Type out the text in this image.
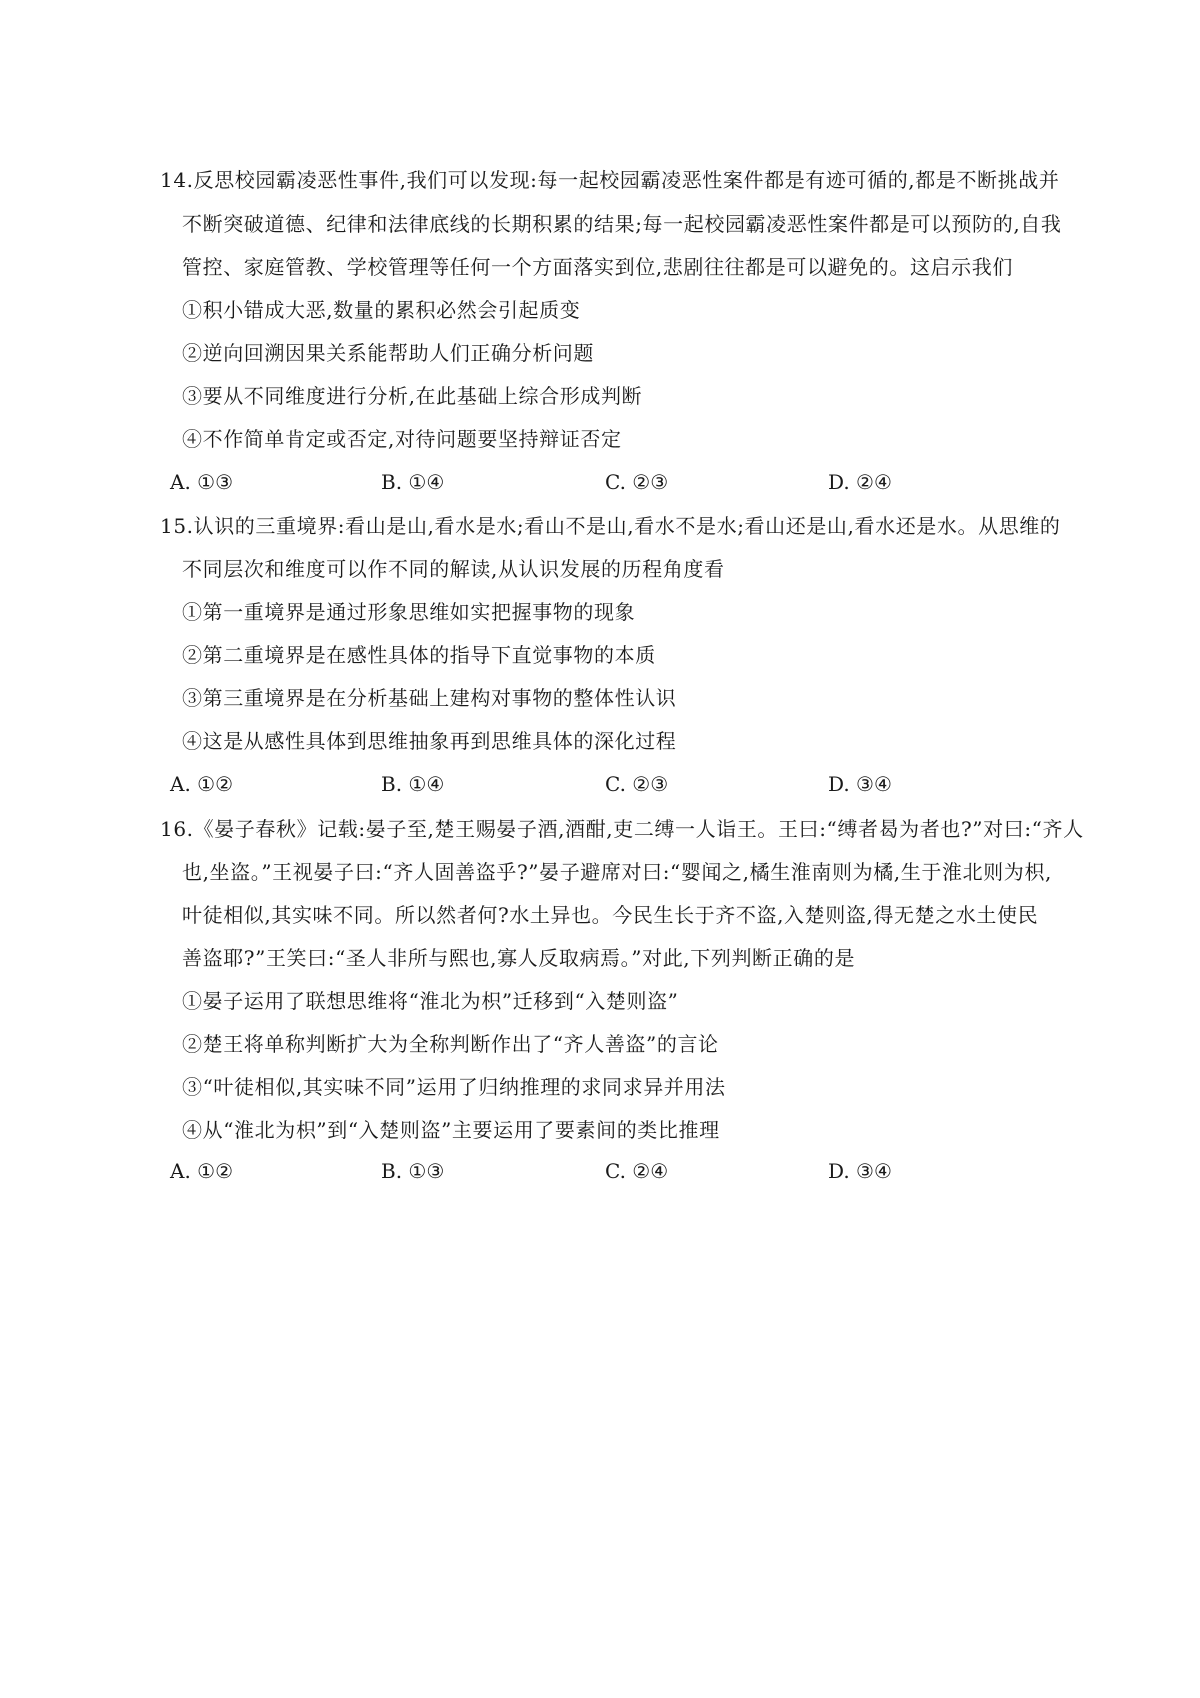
14.反思校园霸凌恶性事件,我们可以发现:每一起校园霸凌恶性案件都是有迹可循的,都是不断挑战并
不断突破道德、纪律和法律底线的长期积累的结果;每一起校园霸凌恶性案件都是可以预防的,自我
管控、家庭管教、学校管理等任何一个方面落实到位,悲剧往往都是可以避免的。这启示我们
①积小错成大恶,数量的累积必然会引起质变
②逆向回溯因果关系能帮助人们正确分析问题
③要从不同维度进行分析,在此基础上综合形成判断
④不作简单肯定或否定,对待问题要坚持辩证否定
A. ①③	B. ①④	C. ②③	D. ②④
15.认识的三重境界:看山是山,看水是水;看山不是山,看水不是水;看山还是山,看水还是水。从思维的
不同层次和维度可以作不同的解读,从认识发展的历程角度看
①第一重境界是通过形象思维如实把握事物的现象
②第二重境界是在感性具体的指导下直觉事物的本质
③第三重境界是在分析基础上建构对事物的整体性认识
④这是从感性具体到思维抽象再到思维具体的深化过程
A. ①②	B. ①④	C. ②③	D. ③④
16.《晏子春秋》记载:晏子至,楚王赐晏子酒,酒酣,吏二缚一人诣王。王曰:“缚者曷为者也?”对曰:“齐人
也,坐盗。”王视晏子曰:“齐人固善盗乎?”晏子避席对曰:“婴闻之,橘生淮南则为橘,生于淮北则为枳,
叶徒相似,其实味不同。所以然者何?水土异也。今民生长于齐不盗,入楚则盗,得无楚之水土使民
善盗耶?”王笑曰:“圣人非所与熙也,寡人反取病焉。”对此,下列判断正确的是
①晏子运用了联想思维将“淮北为枳”迁移到“入楚则盗”
②楚王将单称判断扩大为全称判断作出了“齐人善盗”的言论
③“叶徒相似,其实味不同”运用了归纳推理的求同求异并用法
④从“淮北为枳”到“入楚则盗”主要运用了要素间的类比推理
A. ①②	B. ①③	C. ②④	D. ③④
